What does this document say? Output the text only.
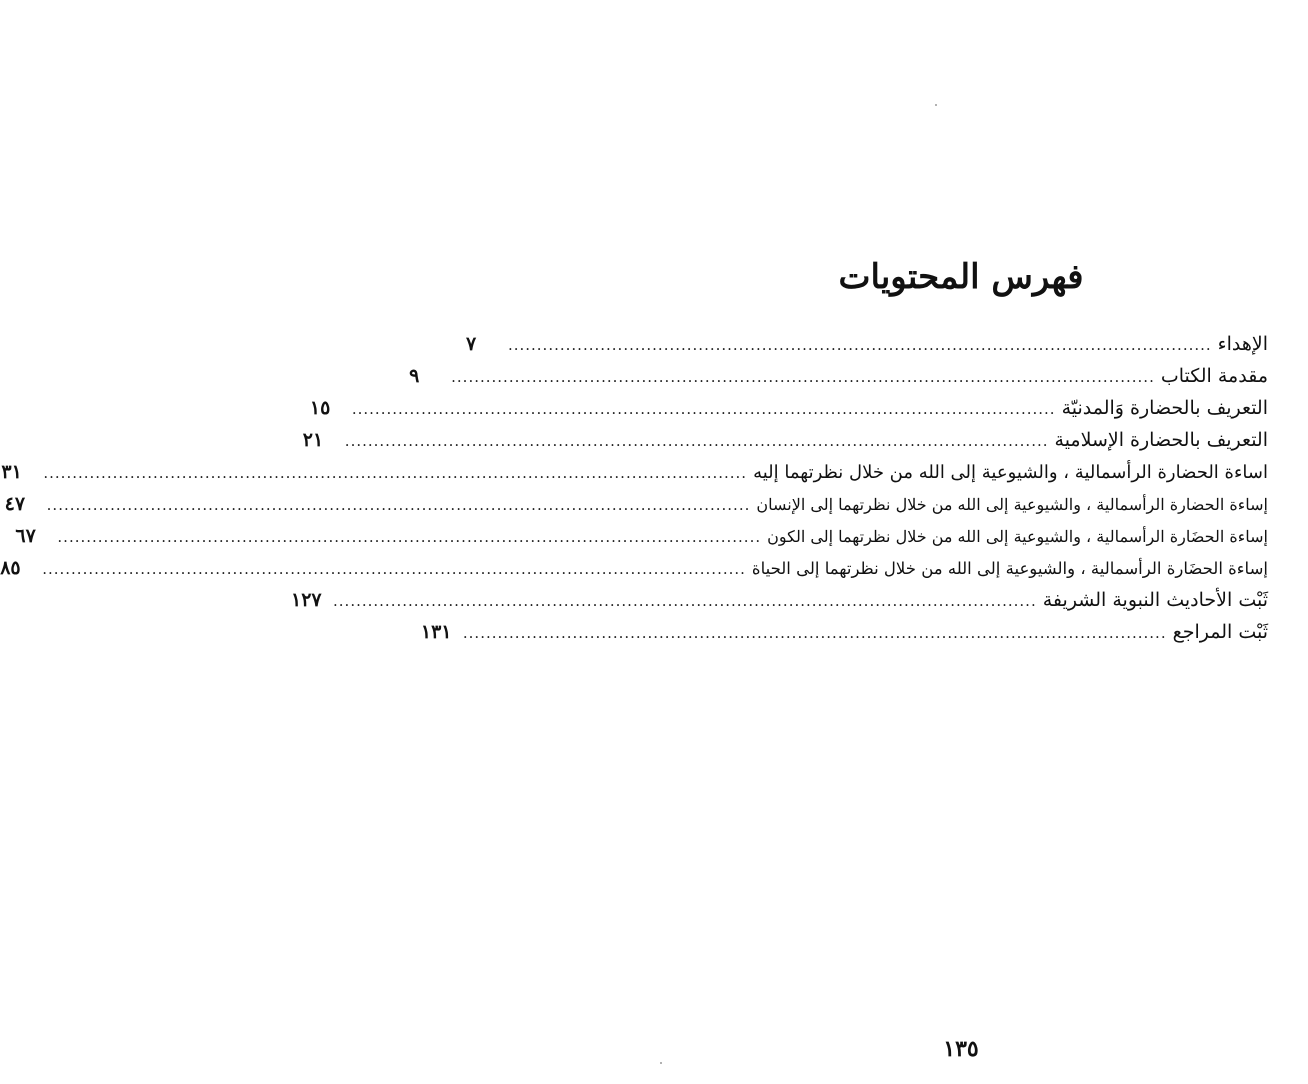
فهرس المحتويات
الإهداء
..........................................................................................................................
٧
مقدمة الكتاب
..........................................................................................................................
٩
التعريف بالحضارة وَالمدنيّة
..........................................................................................................................
١٥
التعريف بالحضارة الإسلامية
..........................................................................................................................
٢١
اساءة الحضارة الرأسمالية ، والشيوعية إلى الله من خلال نظرتهما إليه
..........................................................................................................................
٣١
إساءة الحضارة الرأسمالية ، والشيوعية إلى الله من خلال نظرتهما إلى الإنسان
..........................................................................................................................
٤٧
إساءة الحضَارة الرأسمالية ، والشيوعية إلى الله من خلال نظرتهما إلى الكون
..........................................................................................................................
٦٧
إساءة الحضَارة الرأسمالية ، والشيوعية إلى الله من خلال نظرتهما إلى الحياة
..........................................................................................................................
٨٥
ثَبْت الأحاديث النبوية الشريفة
..........................................................................................................................
١٢٧
ثَبْت المراجع
..........................................................................................................................
١٣١
١٣٥
